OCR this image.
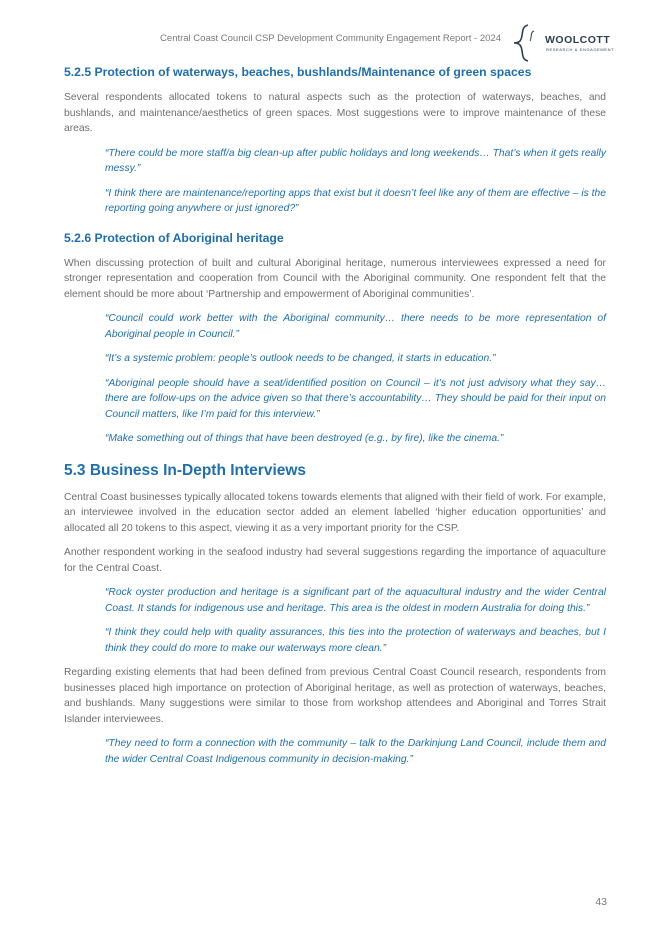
Central Coast Council CSP Development Community Engagement Report - 2024	WOOLCOTT
RESEARCH & ENGAGEMENT
5.2.5 Protection of waterways, beaches, bushlands/Maintenance of green spaces

Several respondents allocated tokens to natural aspects such as the protection of waterways, beaches, and bushlands, and maintenance/aesthetics of green spaces. Most suggestions were to improve maintenance of these areas.

“There could be more staff/a big clean-up after public holidays and long weekends… That’s when it gets really messy.”
“I think there are maintenance/reporting apps that exist but it doesn’t feel like any of them are effective – is the reporting going anywhere or just ignored?”
5.2.6 Protection of Aboriginal heritage

When discussing protection of built and cultural Aboriginal heritage, numerous interviewees expressed a need for stronger representation and cooperation from Council with the Aboriginal community. One respondent felt that the element should be more about ‘Partnership and empowerment of Aboriginal communities’.

“Council could work better with the Aboriginal community… there needs to be more representation of Aboriginal people in Council.”
“It’s a systemic problem: people’s outlook needs to be changed, it starts in education.”
“Aboriginal people should have a seat/identified position on Council – it’s not just advisory what they say…there are follow-ups on the advice given so that there’s accountability… They should be paid for their input on Council matters, like I’m paid for this interview.”
“Make something out of things that have been destroyed (e.g., by fire), like the cinema.”
5.3 Business In-Depth Interviews

Central Coast businesses typically allocated tokens towards elements that aligned with their field of work. For example, an interviewee involved in the education sector added an element labelled ‘higher education opportunities’ and allocated all 20 tokens to this aspect, viewing it as a very important priority for the CSP.

Another respondent working in the seafood industry had several suggestions regarding the importance of aquaculture for the Central Coast.

“Rock oyster production and heritage is a significant part of the aquacultural industry and the wider Central Coast. It stands for indigenous use and heritage. This area is the oldest in modern Australia for doing this.”
“I think they could help with quality assurances, this ties into the protection of waterways and beaches, but I think they could do more to make our waterways more clean.”

Regarding existing elements that had been defined from previous Central Coast Council research, respondents from businesses placed high importance on protection of Aboriginal heritage, as well as protection of waterways, beaches, and bushlands. Many suggestions were similar to those from workshop attendees and Aboriginal and Torres Strait Islander interviewees.

“They need to form a connection with the community – talk to the Darkinjung Land Council, include them and the wider Central Coast Indigenous community in decision-making.”
43
